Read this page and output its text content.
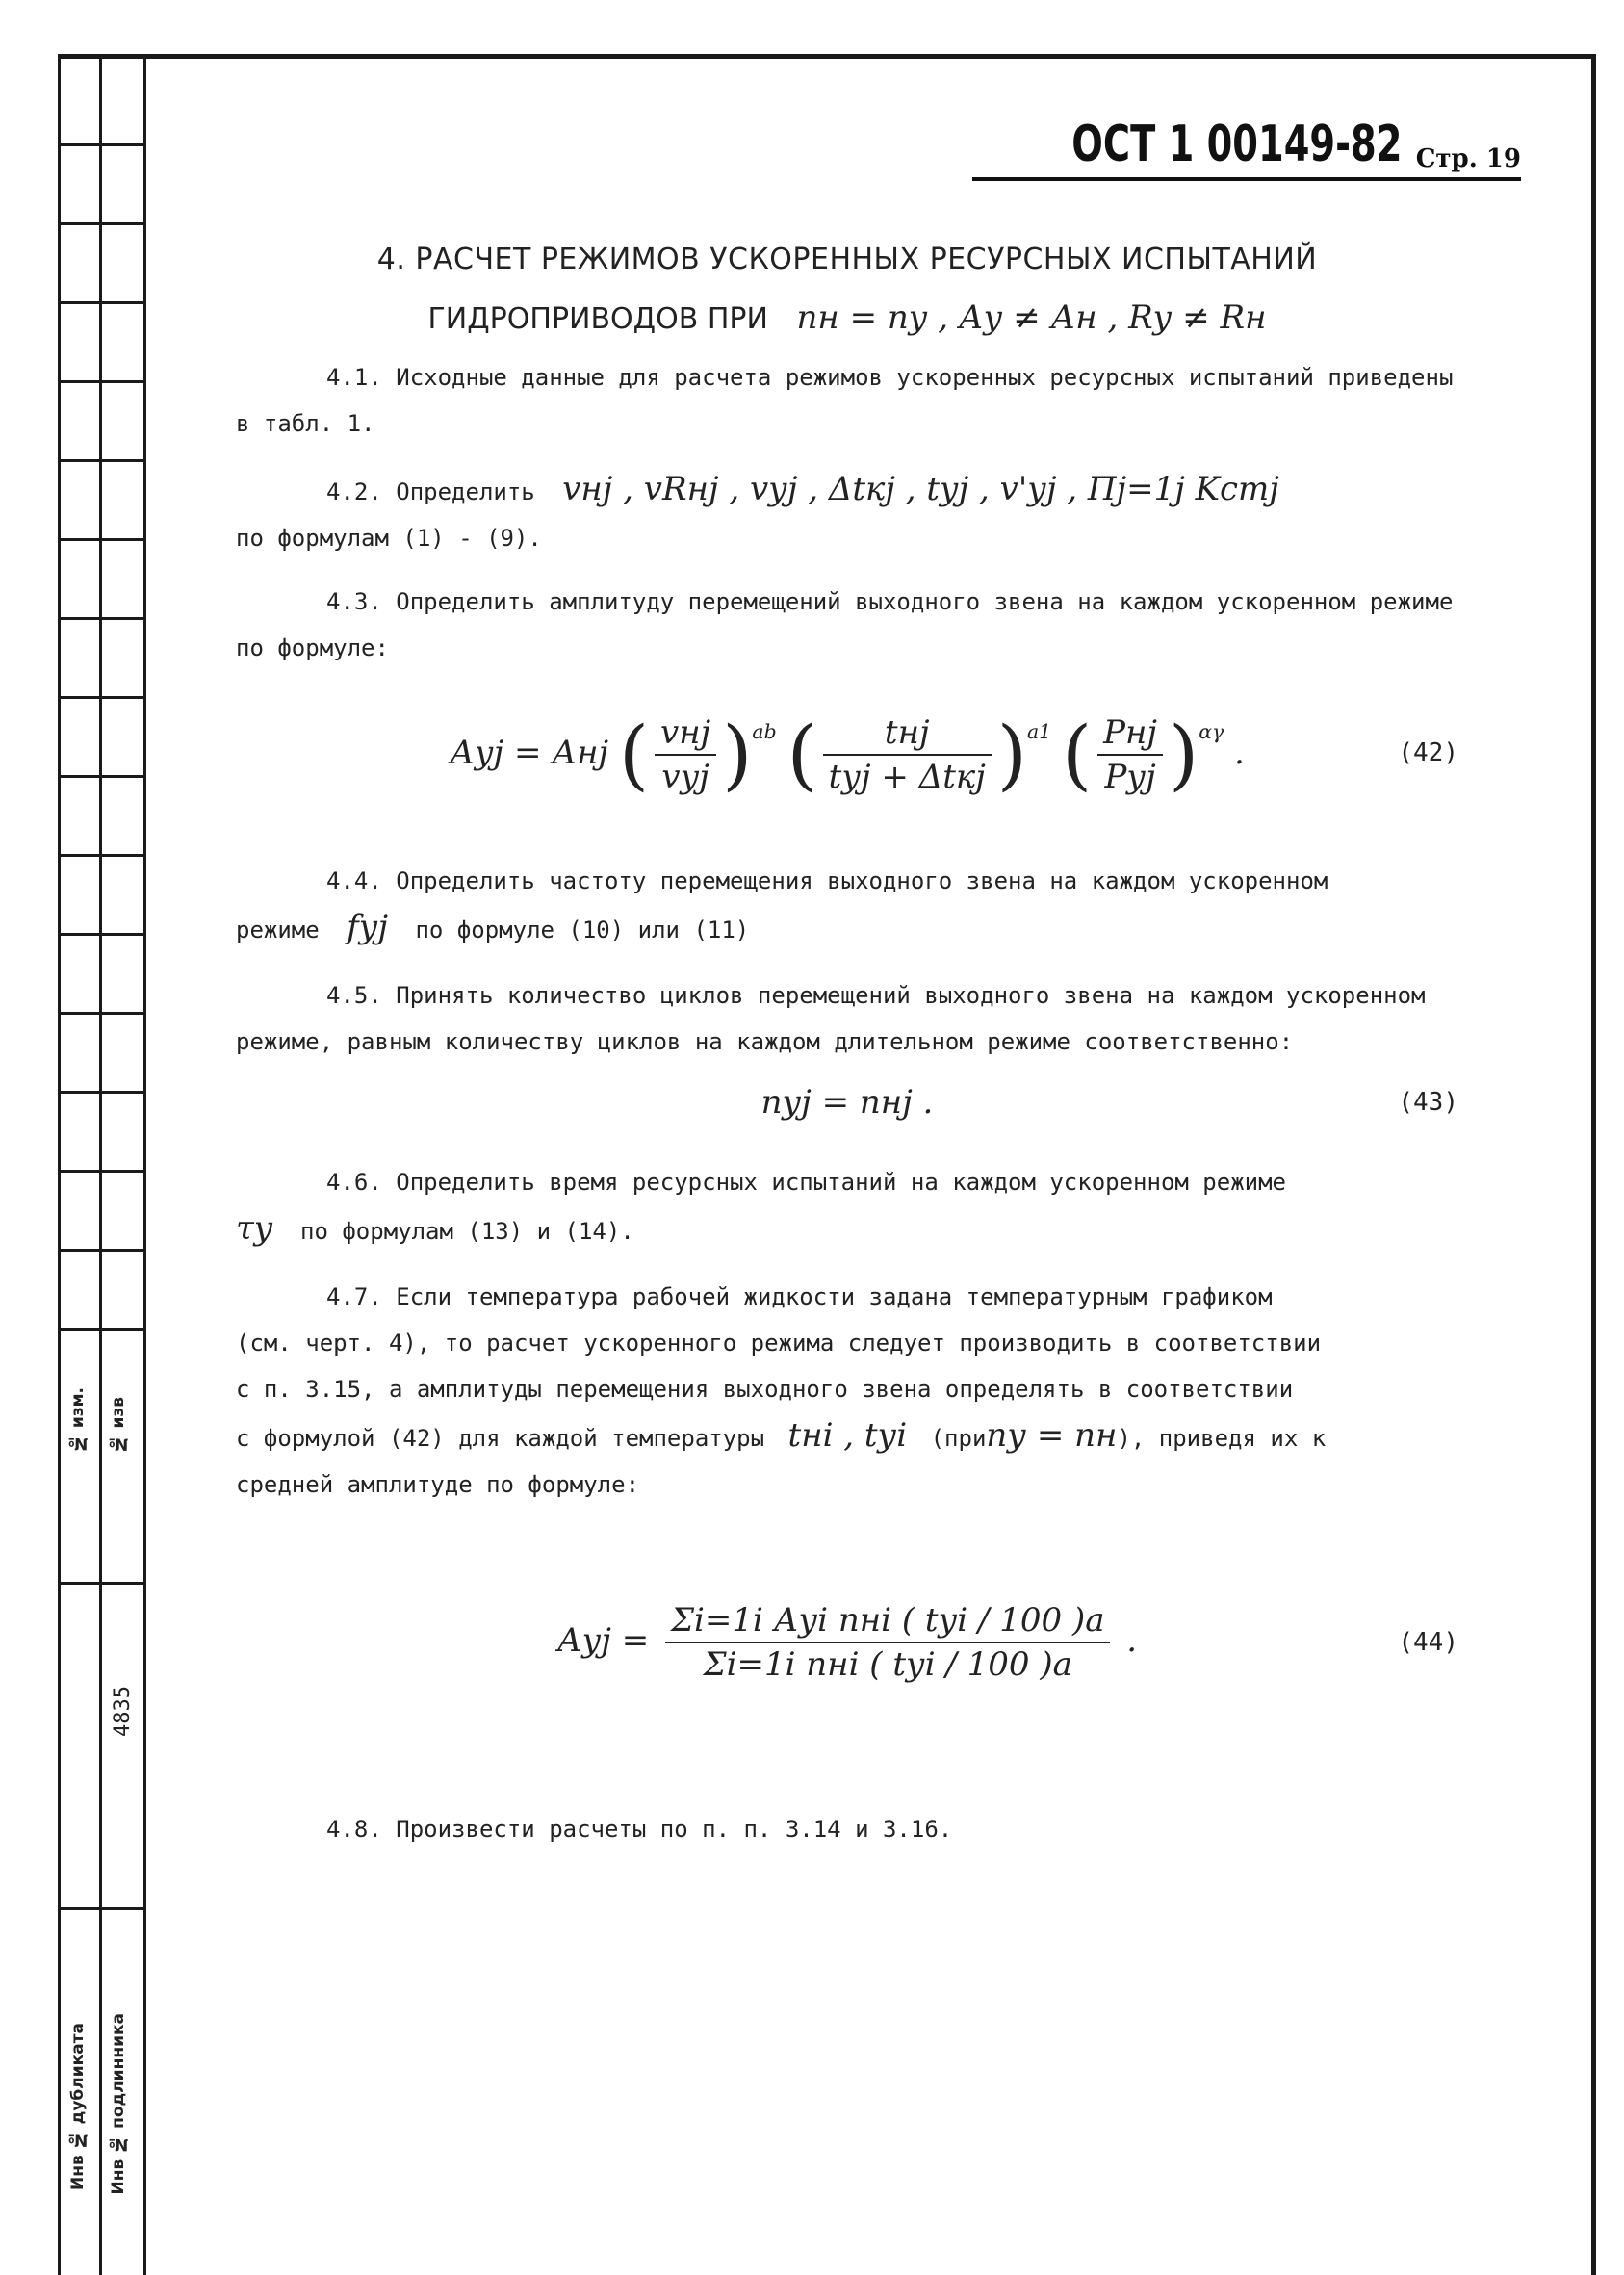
№ изм. № изв
4835
Инв № дубликата Инв № подлинника
ОСТ 1 00149-82 Стр. 19
4. РАСЧЕТ РЕЖИМОВ УСКОРЕННЫХ РЕСУРСНЫХ ИСПЫТАНИЙ
ГИДРОПРИВОДОВ ПРИ nн = nу , Ау ≠ Ан , Rу ≠ Rн

4.1. Исходные данные для расчета режимов ускоренных ресурсных испытаний приведены в табл. 1.

4.2. Определить vнj , vRнj , vуj , Δtкj , tуj , v'уj , Πj=1j Kстj

по формулам (1) - (9).

4.3. Определить амплитуду перемещений выходного звена на каждом ускоренном режиме по формуле:

Ауj = Анj ( $\frac{\text{vнj}}{\text{vуj}} )^{ab}$ ( $\frac{\text{tнj}}{\text{tуj + Δtкj}} )^{a1}$ ( $\frac{\text{Pнj}}{\text{Pуj}} )^{\alpha\gamma}$ .	(42)

4.4. Определить частоту перемещения выходного звена на каждом ускоренном

режиме fуj по формуле (10) или (11)

4.5. Принять количество циклов перемещений выходного звена на каждом ускоренном режиме, равным количеству циклов на каждом длительном режиме соответственно:

nуj = nнj .	(43)

4.6. Определить время ресурсных испытаний на каждом ускоренном режиме

τу по формулам (13) и (14).

4.7. Если температура рабочей жидкости задана температурным графиком

(см. черт. 4), то расчет ускоренного режима следует производить в соответствии

с п. 3.15, а амплитуды перемещения выходного звена определять в соответствии

с формулой (42) для каждой температуры tнi , tуi (приnу = nн), приведя их к

средней амплитуде по формуле:

Ауj = $\frac{\text{Σi=1i Ауi nнi ( tуi / 100 )a}}{\text{Σi=1i nнi ( tуi / 100 )a}}$ .	(44)

4.8. Произвести расчеты по п. п. 3.14 и 3.16.
